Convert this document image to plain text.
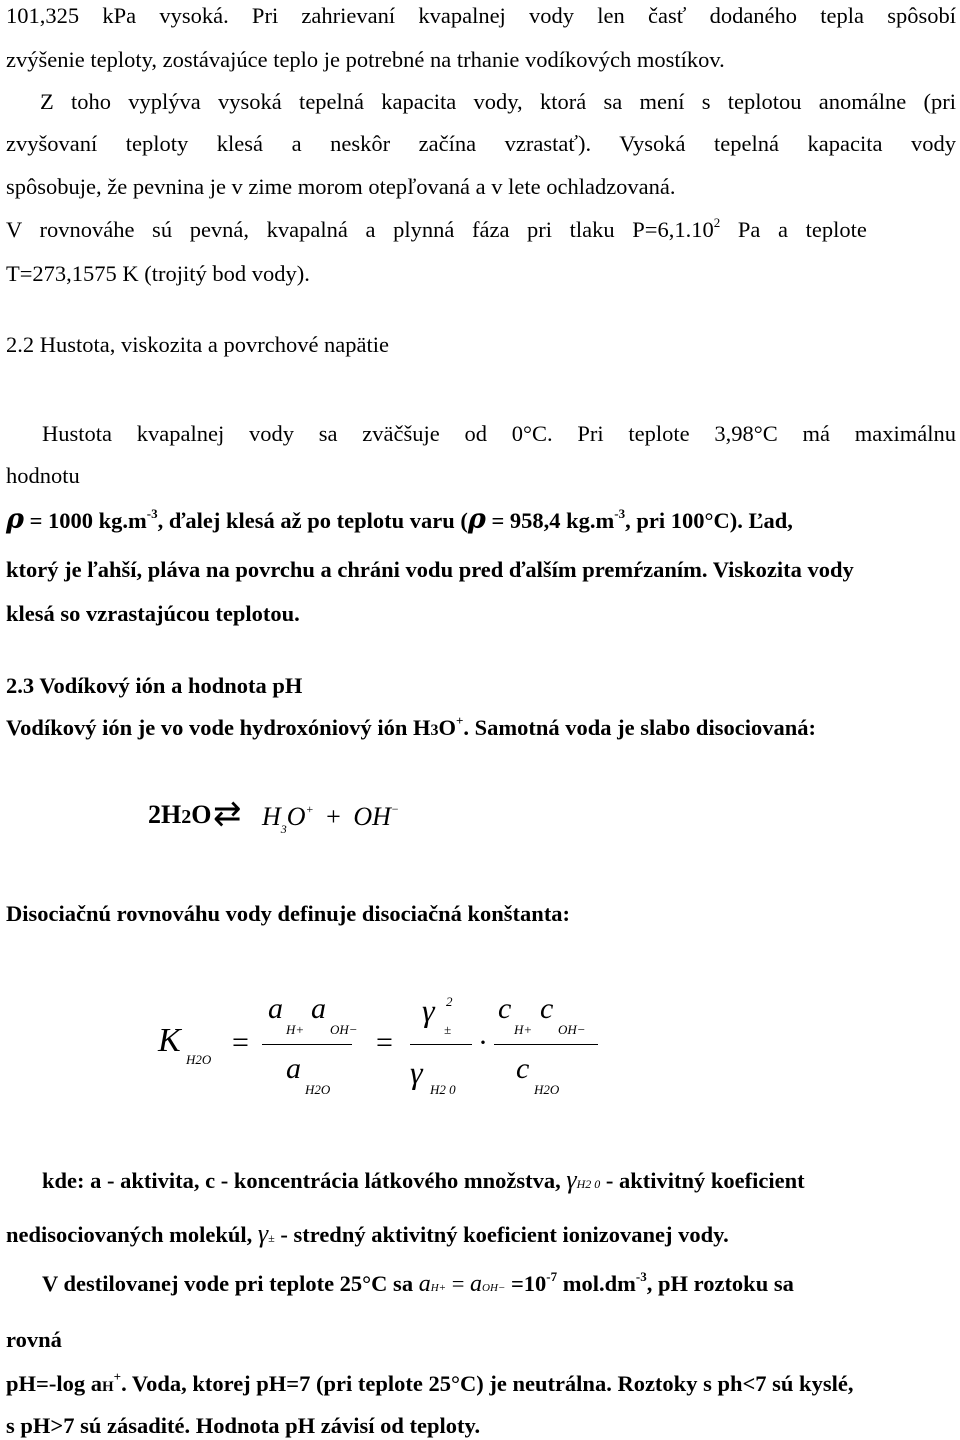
101,325 kPa vysoká. Pri zahrievaní kvapalnej vody len časť dodaného tepla spôsobí
zvýšenie teploty, zostávajúce teplo je potrebné na trhanie vodíkových mostíkov.
Z toho vyplýva vysoká tepelná kapacita vody, ktorá sa mení s teplotou anomálne (pri
zvyšovaní teploty klesá a neskôr začína vzrastať). Vysoká tepelná kapacita vody
spôsobuje, že pevnina je v zime morom otepľovaná a v lete ochladzovaná.
V rovnováhe sú pevná, kvapalná a plynná fáza pri tlaku $P=6,1.10^2$ Pa a teplote
T=273,1575 K (trojitý bod vody).
2.2 Hustota, viskozita a povrchové napätie
Hustota kvapalnej vody sa zväčšuje od 0°C. Pri teplote 3,98°C má maximálnu
hodnotu
ρ = 1000 $kg.m^{-3}$, ďalej klesá až po teplotu varu (ρ = 958,4 $kg.m^{-3}$, pri 100°C). Ľad,
ktorý je ľahší, pláva na povrchu a chráni vodu pred ďalším premŕzaním. Viskozita vody
klesá so vzrastajúcou teplotou.
2.3 Vodíkový ión a hodnota pH
Vodíkový ión je vo vode hydroxóniový ión H3O+. Samotná voda je slabo disociovaná:
2H2O ⇄ $H_3O^+ + OH^-$
Disociačnú rovnováhu vody definuje disociačná konštanta:
K
H2O
=
a
H+
a
OH−
a
H2O
=
γ 2
±
γ H2 0
·
c
H+
c
OH−
c
H2O
kde: a - aktivita, c - koncentrácia látkového množstva, γH2 0 - aktivitný koeficient
nedisociovaných molekúl, γ± - stredný aktivitný koeficient ionizovanej vody.
V destilovanej vode pri teplote 25°C sa $aH+ = aOH- =10^{-7}$ $mol.dm^{-3}$, pH roztoku sa
rovná
pH=-log aH+. Voda, ktorej pH=7 (pri teplote 25°C) je neutrálna. Roztoky s ph<7 sú kyslé,
s pH>7 sú zásadité. Hodnota pH závisí od teploty.
